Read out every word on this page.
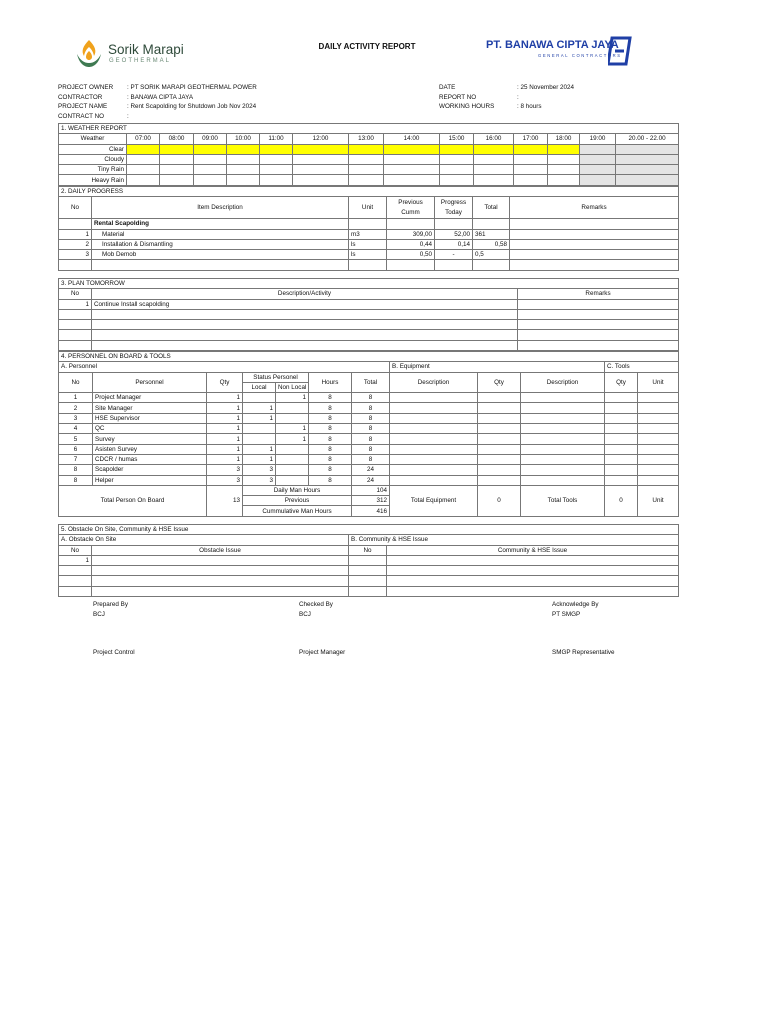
Sorik Marapi
GEOTHERMAL
DAILY ACTIVITY REPORT	PT. BANAWA CIPTA JAYA
GENERAL CONTRACTORS
PROJECT OWNER : PT SORIK MARAPI GEOTHERMAL POWER
CONTRACTOR	: BANAWA CIPTA JAYA
PROJECT NAME	: Rent Scapolding for Shutdown Job Nov 2024
CONTRACT NO	:
DATE	: 25 November 2024
REPORT NO	:
WORKING HOURS	: 8 hours
1. WEATHER REPORT														
Weather	07:00	08:00	09:00	10:00	11:00	12:00	13:00	14:00	15:00	16:00	17:00	18:00	19:00	20.00 - 22.00
Clear														
Cloudy														
Tiny Rain														
Heavy Rain														
2. DAILY PROGRESS						
No	Item Description	Unit	Previous Cumm	Progress Today	Total	Remarks
	Rental Scapolding					
1	Material	m3	309,00	52,00	361	
2	Installation & Dismantling	ls	0,44	0,14	0,58	
3	Mob Demob	ls	0,50	-	0,5	

3. PLAN TOMORROW		
No	Description/Activity	Remarks
1	Continue Install scapolding	

4. PERSONNEL ON BOARD & TOOLS											
A. Personnel							B. Equipment			C. Tools	
No	Personnel	Qty	Status Personel		Hours	Total	Description	Qty	Description	Qty	Unit
			Local	Non Local							
1	Project Manager	1		1	8	8					
2	Site Manager	1	1		8	8					
3	HSE Supervisor	1	1		8	8					
4	QC	1		1	8	8					
5	Survey	1		1	8	8					
6	Asisten Survey	1	1		8	8					
7	CDCR / humas	1	1		8	8					
8	Scapolder	3	3		8	24					
8	Helper	3	3		8	24					
Total Person On Board		13	Daily Man Hours			104	Total Equipment	0	Total Tools	0	Unit
			Previous			312					
			Cummulative Man Hours			416					
5. Obstacle On Site, Community & HSE Issue			
A. Obstacle On Site		B. Community & HSE Issue	
No	Obstacle Issue	No	Community & HSE Issue
1			

Prepared By
BCJ
Project Control
Checked By
BCJ
Project Manager
Acknowledge By
PT SMGP
SMGP Representative
